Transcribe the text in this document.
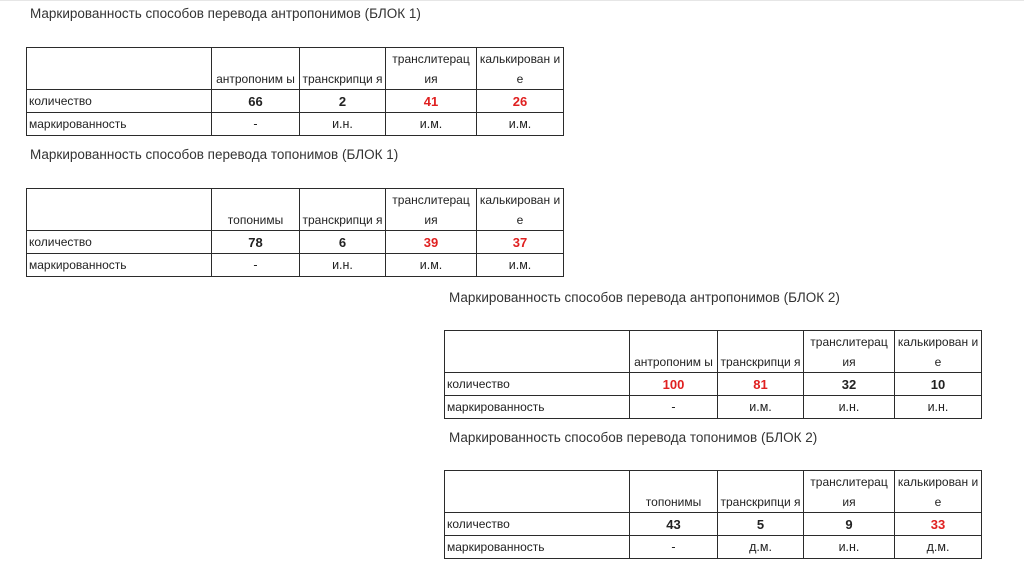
Маркированность способов перевода антропонимов (БЛОК 1)
	антропоним ы	транскрипци я	транслитерац ия	калькирован ие
количество	66	2	41	26
маркированность	-	и.н.	и.м.	и.м.
Маркированность способов перевода топонимов (БЛОК 1)
	топонимы	транскрипци я	транслитерац ия	калькирован ие
количество	78	6	39	37
маркированность	-	и.н.	и.м.	и.м.
Маркированность способов перевода антропонимов (БЛОК 2)
	антропоним ы	транскрипци я	транслитерац ия	калькирован ие
количество	100	81	32	10
маркированность	-	и.м.	и.н.	и.н.
Маркированность способов перевода топонимов (БЛОК 2)
	топонимы	транскрипци я	транслитерац ия	калькирован ие
количество	43	5	9	33
маркированность	-	д.м.	и.н.	д.м.
